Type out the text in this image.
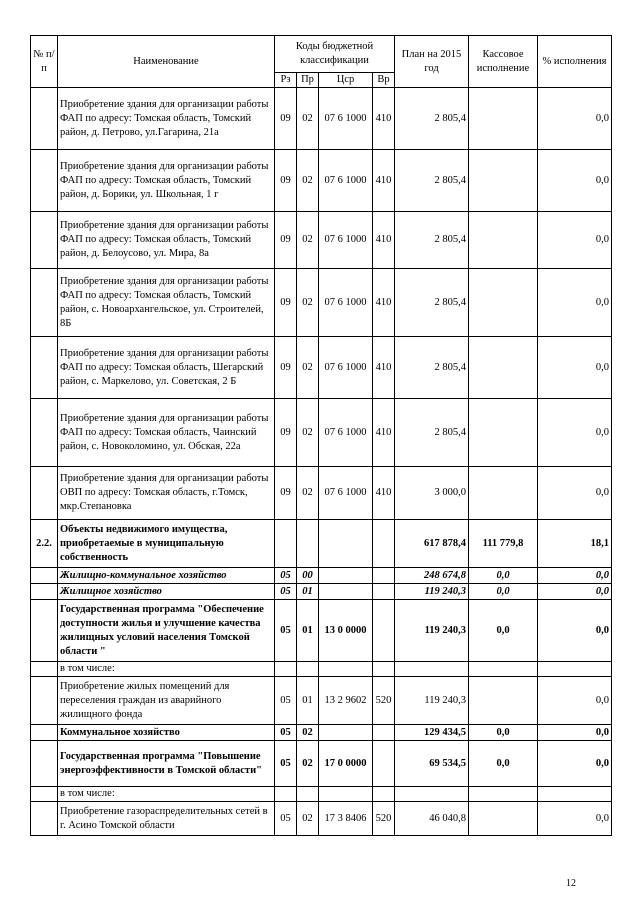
№ п/п	Наименование	Коды бюджетной классификации				План на 2015 год	Кассовое исполнение	% исполнения
		Рз	Пр	Цср	Вр			
	Приобретение здания для организации работы ФАП по адресу: Томская область, Томский район, д. Петрово, ул.Гагарина, 21а	09	02	07 6 1000	410	2 805,4		0,0
	Приобретение здания для организации работы ФАП по адресу: Томская область, Томский район, д. Борики, ул. Школьная, 1 г	09	02	07 6 1000	410	2 805,4		0,0
	Приобретение здания для организации работы ФАП по адресу: Томская область, Томский район, д. Белоусово, ул. Мира, 8а	09	02	07 6 1000	410	2 805,4		0,0
	Приобретение здания для организации работы ФАП по адресу: Томская область, Томский район, с. Новоархангельское, ул. Строителей, 8Б	09	02	07 6 1000	410	2 805,4		0,0
	Приобретение здания для организации работы ФАП по адресу: Томская область, Шегарский район, с. Маркелово, ул. Советская, 2 Б	09	02	07 6 1000	410	2 805,4		0,0
	Приобретение здания для организации работы ФАП по адресу: Томская область, Чаинский район, с. Новоколомино, ул. Обская, 22а	09	02	07 6 1000	410	2 805,4		0,0
	Приобретение здания для организации работы ОВП по адресу: Томская область, г.Томск, мкр.Степановка	09	02	07 6 1000	410	3 000,0		0,0
2.2.	Объекты недвижимого имущества, приобретаемые в муниципальную собственность					617 878,4	111 779,8	18,1
	Жилищно-коммунальное хозяйство	05	00			248 674,8	0,0	0,0
	Жилищное хозяйство	05	01			119 240,3	0,0	0,0
	Государственная программа "Обеспечение доступности жилья и улучшение качества жилищных условий населения Томской области "	05	01	13 0 0000		119 240,3	0,0	0,0
	в том числе:							
	Приобретение жилых помещений для переселения граждан из аварийного жилищного фонда	05	01	13 2 9602	520	119 240,3		0,0
	Коммунальное хозяйство	05	02			129 434,5	0,0	0,0
	Государственная программа "Повышение энергоэффективности в Томской области"	05	02	17 0 0000		69 534,5	0,0	0,0
	в том числе:							
	Приобретение газораспределительных сетей в г. Асино Томской области	05	02	17 3 8406	520	46 040,8		0,0
12
